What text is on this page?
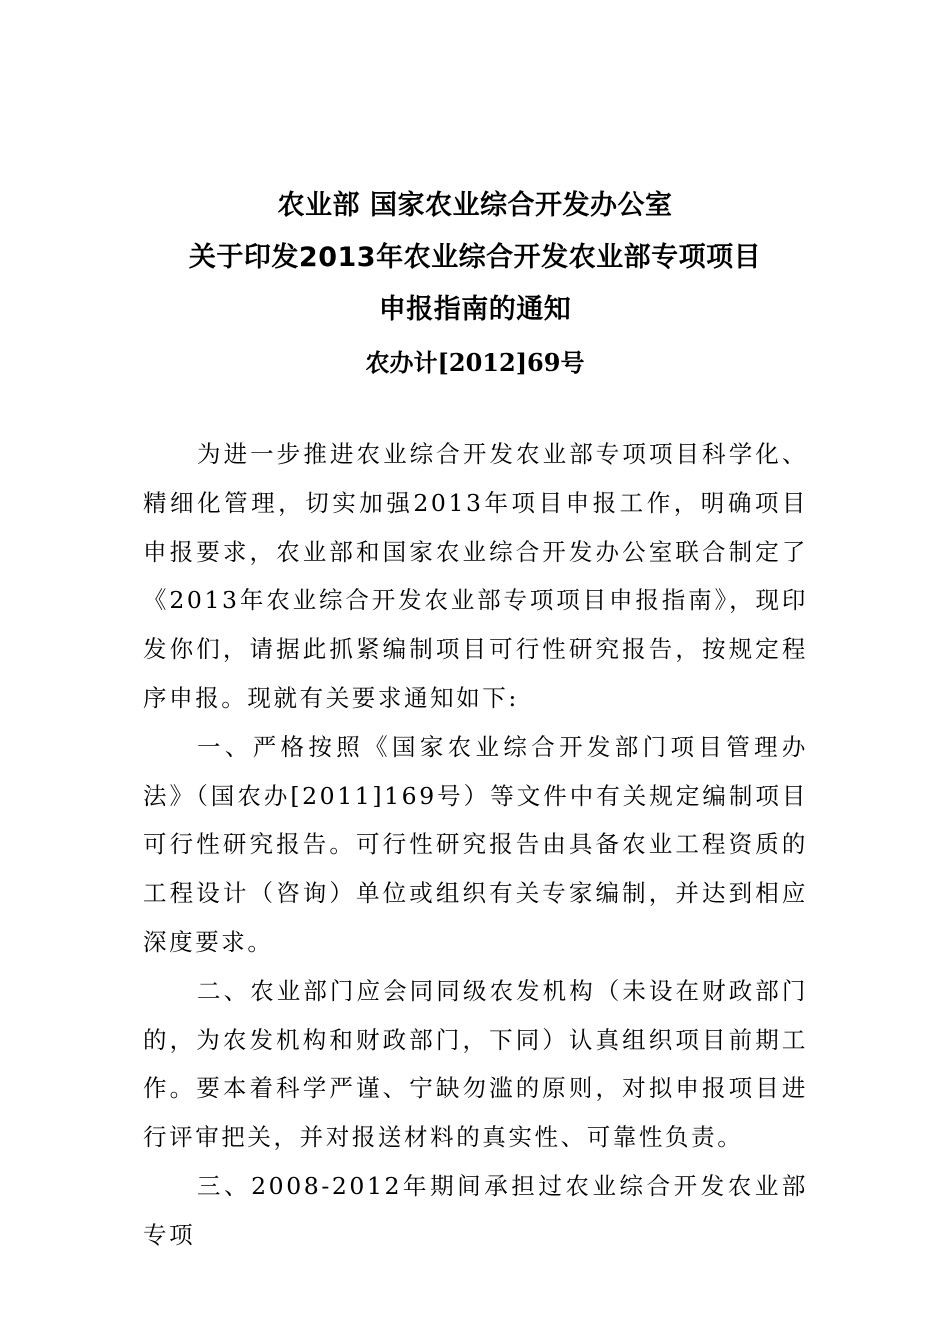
农业部 国家农业综合开发办公室
关于印发2013年农业综合开发农业部专项项目
申报指南的通知
农办计[2012]69号

为进一步推进农业综合开发农业部专项项目科学化、精细化管理，切实加强2013年项目申报工作，明确项目申报要求，农业部和国家农业综合开发办公室联合制定了《2013年农业综合开发农业部专项项目申报指南》，现印发你们，请据此抓紧编制项目可行性研究报告，按规定程序申报。现就有关要求通知如下:

一、严格按照《国家农业综合开发部门项目管理办法》（国农办[2011]169号）等文件中有关规定编制项目可行性研究报告。可行性研究报告由具备农业工程资质的工程设计（咨询）单位或组织有关专家编制，并达到相应深度要求。

二、农业部门应会同同级农发机构（未设在财政部门的，为农发机构和财政部门，下同）认真组织项目前期工作。要本着科学严谨、宁缺勿滥的原则，对拟申报项目进行评审把关，并对报送材料的真实性、可靠性负责。

三、2008-2012年期间承担过农业综合开发农业部专项
